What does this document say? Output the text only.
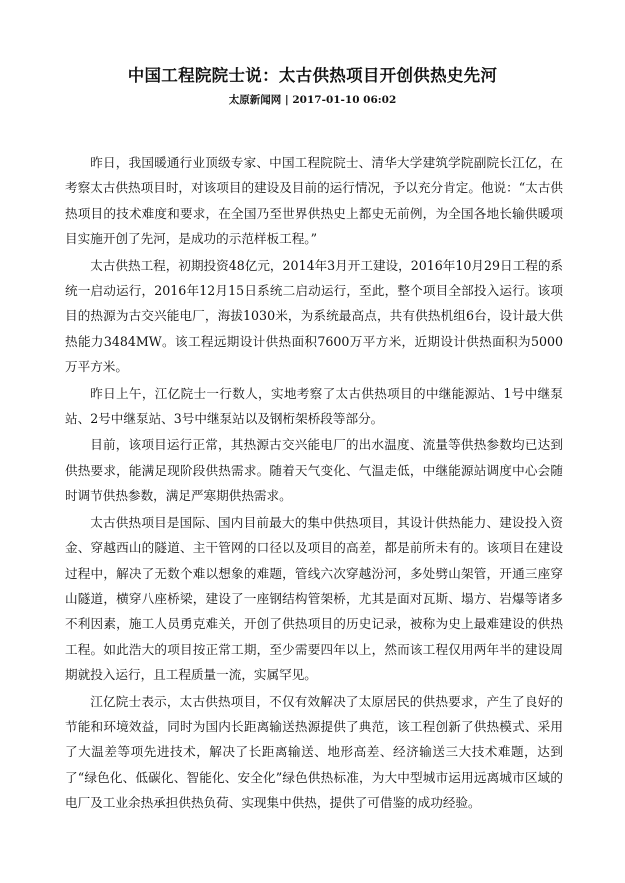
中国工程院院士说：太古供热项目开创供热史先河
太原新闻网 | 2017-01-10 06:02

昨日，我国暖通行业顶级专家、中国工程院院士、清华大学建筑学院副院长江亿，在考察太古供热项目时，对该项目的建设及目前的运行情况，予以充分肯定。他说：“太古供热项目的技术难度和要求，在全国乃至世界供热史上都史无前例，为全国各地长输供暖项目实施开创了先河，是成功的示范样板工程。”

太古供热工程，初期投资48亿元，2014年3月开工建设，2016年10月29日工程的系统一启动运行，2016年12月15日系统二启动运行，至此，整个项目全部投入运行。该项目的热源为古交兴能电厂，海拔1030米，为系统最高点，共有供热机组6台，设计最大供热能力3484MW。该工程远期设计供热面积7600万平方米，近期设计供热面积为5000万平方米。

昨日上午，江亿院士一行数人，实地考察了太古供热项目的中继能源站、1号中继泵站、2号中继泵站、3号中继泵站以及钢桁架桥段等部分。

目前，该项目运行正常，其热源古交兴能电厂的出水温度、流量等供热参数均已达到供热要求，能满足现阶段供热需求。随着天气变化、气温走低，中继能源站调度中心会随时调节供热参数，满足严寒期供热需求。

太古供热项目是国际、国内目前最大的集中供热项目，其设计供热能力、建设投入资金、穿越西山的隧道、主干管网的口径以及项目的高差，都是前所未有的。该项目在建设过程中，解决了无数个难以想象的难题，管线六次穿越汾河，多处劈山架管，开通三座穿山隧道，横穿八座桥梁，建设了一座钢结构管架桥，尤其是面对瓦斯、塌方、岩爆等诸多不利因素，施工人员勇克难关，开创了供热项目的历史记录，被称为史上最难建设的供热工程。如此浩大的项目按正常工期，至少需要四年以上，然而该工程仅用两年半的建设周期就投入运行，且工程质量一流，实属罕见。

江亿院士表示，太古供热项目，不仅有效解决了太原居民的供热要求，产生了良好的节能和环境效益，同时为国内长距离输送热源提供了典范，该工程创新了供热模式、采用了大温差等项先进技术，解决了长距离输送、地形高差、经济输送三大技术难题，达到了“绿色化、低碳化、智能化、安全化”绿色供热标准，为大中型城市运用远离城市区域的电厂及工业余热承担供热负荷、实现集中供热，提供了可借鉴的成功经验。
